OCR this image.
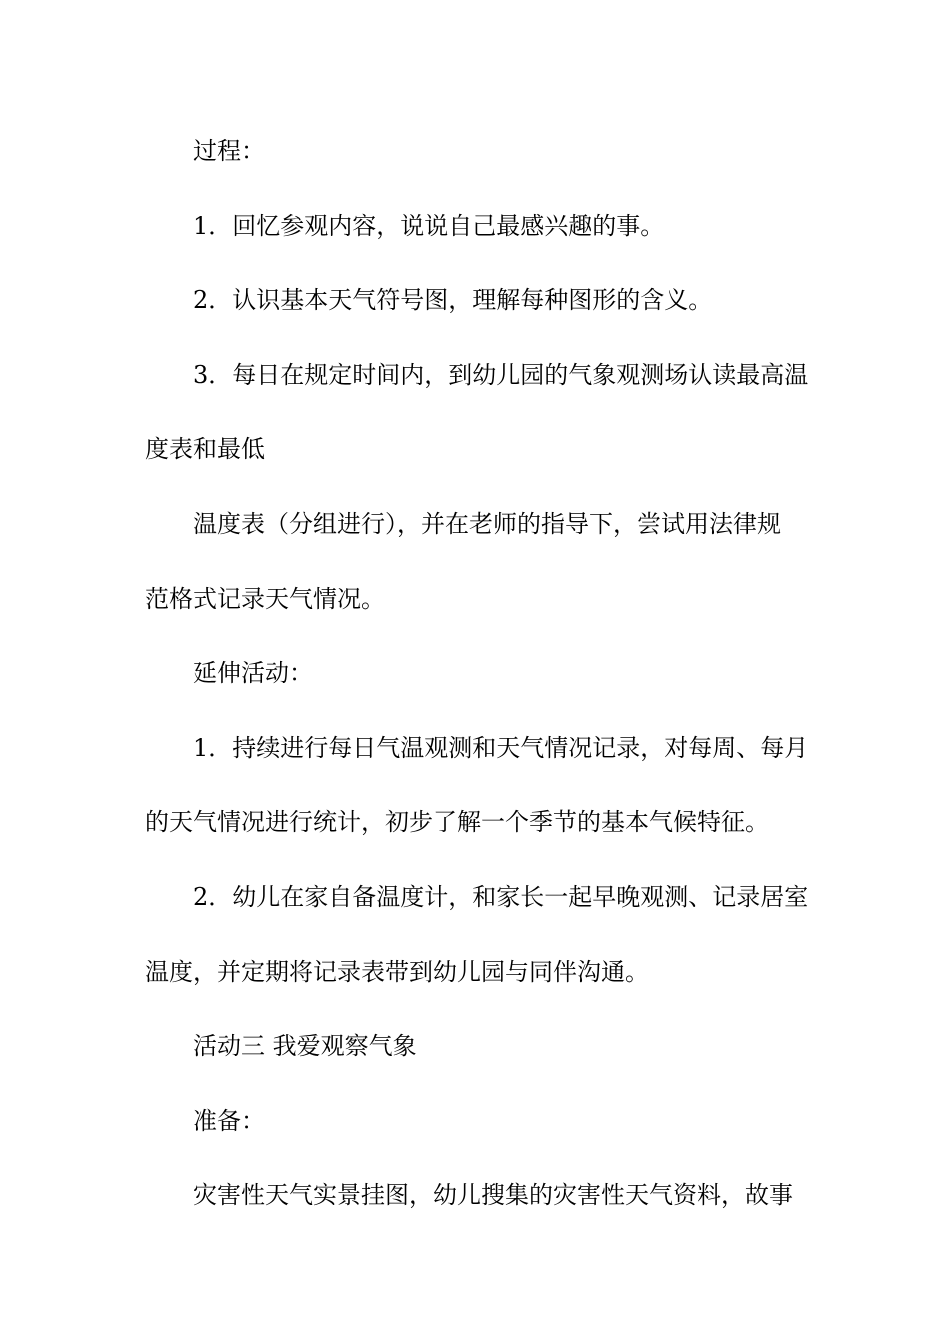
过程：
1．回忆参观内容，说说自己最感兴趣的事。
2．认识基本天气符号图，理解每种图形的含义。
3．每日在规定时间内，到幼儿园的气象观测场认读最高温
度表和最低
温度表（分组进行），并在老师的指导下，尝试用法律规
范格式记录天气情况。
延伸活动：
1．持续进行每日气温观测和天气情况记录，对每周、每月
的天气情况进行统计，初步了解一个季节的基本气候特征。
2．幼儿在家自备温度计，和家长一起早晚观测、记录居室
温度，并定期将记录表带到幼儿园与同伴沟通。
活动三 我爱观察气象
准备：
灾害性天气实景挂图，幼儿搜集的灾害性天气资料，故事
